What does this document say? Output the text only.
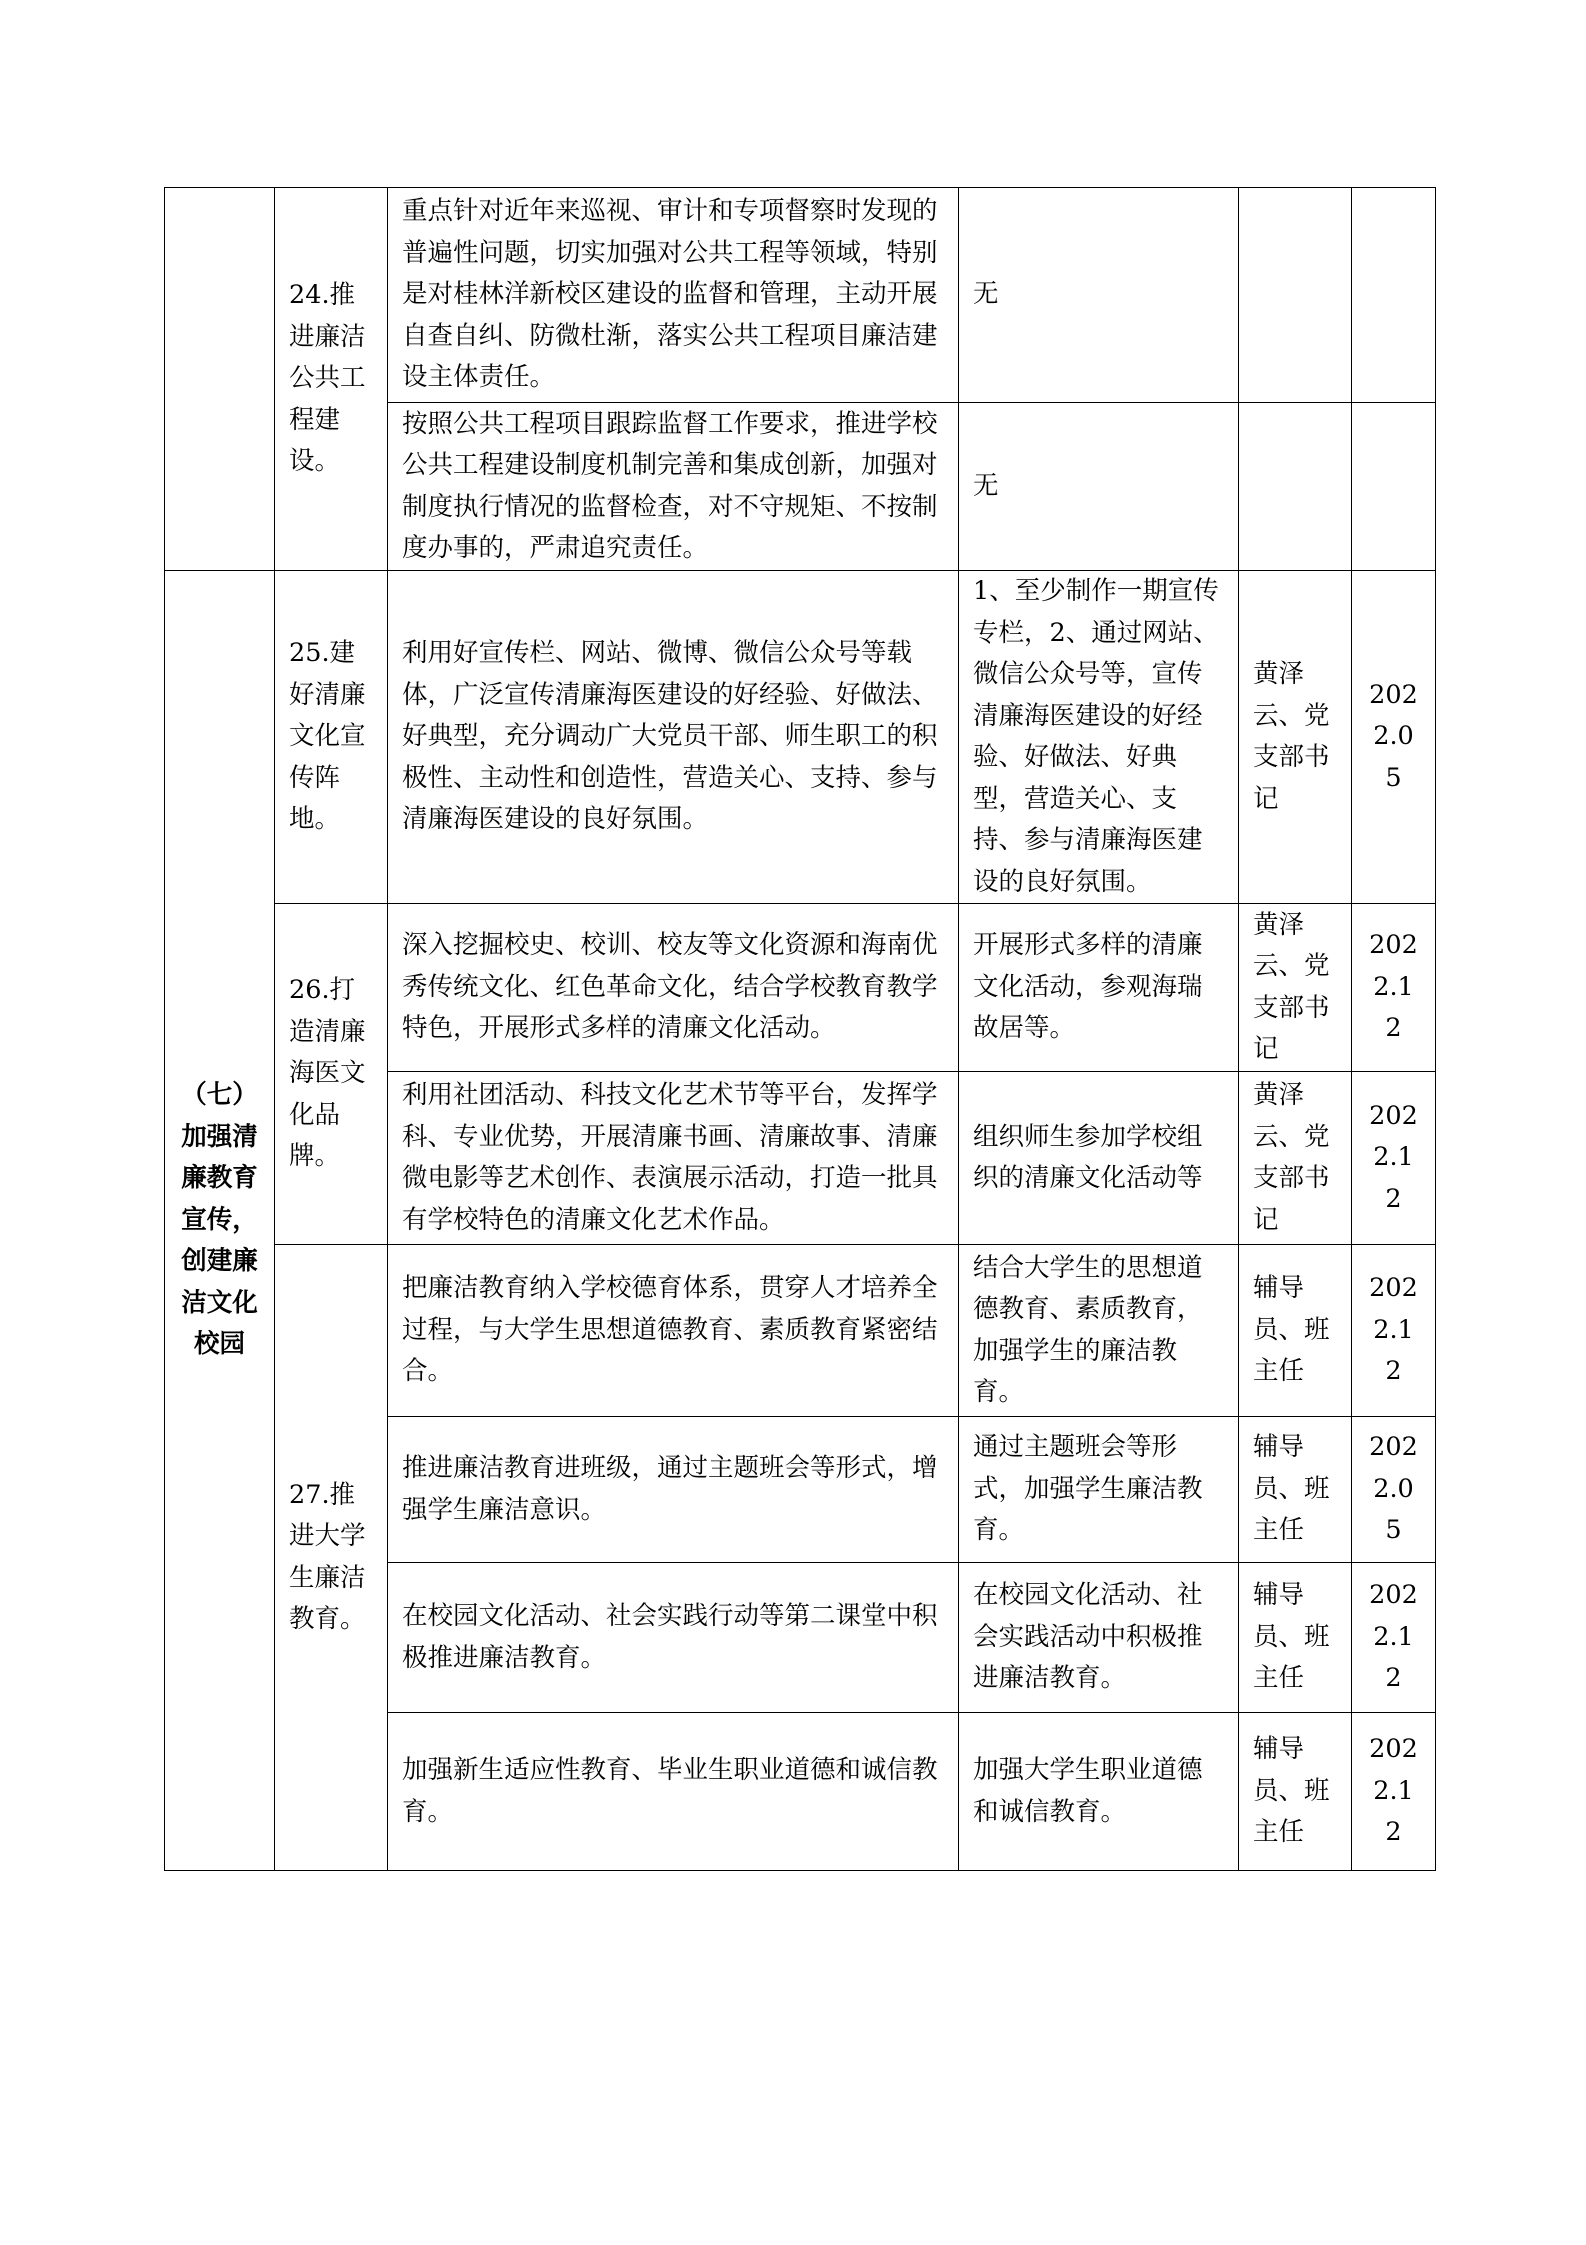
	24.推进廉洁公共工程建设。	重点针对近年来巡视、审计和专项督察时发现的普遍性问题，切实加强对公共工程等领域，特别是对桂林洋新校区建设的监督和管理，主动开展自查自纠、防微杜渐，落实公共工程项目廉洁建设主体责任。	无		
		按照公共工程项目跟踪监督工作要求，推进学校公共工程建设制度机制完善和集成创新，加强对制度执行情况的监督检查，对不守规矩、不按制度办事的，严肃追究责任。	无		
（七）加强清廉教育宣传，创建廉洁文化校园	25.建好清廉文化宣传阵地。	利用好宣传栏、网站、微博、微信公众号等载体，广泛宣传清廉海医建设的好经验、好做法、好典型，充分调动广大党员干部、师生职工的积极性、主动性和创造性，营造关心、支持、参与清廉海医建设的良好氛围。	1、至少制作一期宣传专栏，2、通过网站、微信公众号等，宣传清廉海医建设的好经验、好做法、好典型，营造关心、支持、参与清廉海医建设的良好氛围。	黄泽云、党支部书记	2022.05
	26.打造清廉海医文化品牌。	深入挖掘校史、校训、校友等文化资源和海南优秀传统文化、红色革命文化，结合学校教育教学特色，开展形式多样的清廉文化活动。	开展形式多样的清廉文化活动，参观海瑞故居等。	黄泽云、党支部书记	2022.12
		利用社团活动、科技文化艺术节等平台，发挥学科、专业优势，开展清廉书画、清廉故事、清廉微电影等艺术创作、表演展示活动，打造一批具有学校特色的清廉文化艺术作品。	组织师生参加学校组织的清廉文化活动等	黄泽云、党支部书记	2022.12
	27.推进大学生廉洁教育。	把廉洁教育纳入学校德育体系，贯穿人才培养全过程，与大学生思想道德教育、素质教育紧密结合。	结合大学生的思想道德教育、素质教育，加强学生的廉洁教育。	辅导员、班主任	2022.12
		推进廉洁教育进班级，通过主题班会等形式，增强学生廉洁意识。	通过主题班会等形式，加强学生廉洁教育。	辅导员、班主任	2022.05
		在校园文化活动、社会实践行动等第二课堂中积极推进廉洁教育。	在校园文化活动、社会实践活动中积极推进廉洁教育。	辅导员、班主任	2022.12
		加强新生适应性教育、毕业生职业道德和诚信教育。	加强大学生职业道德和诚信教育。	辅导员、班主任	2022.12
